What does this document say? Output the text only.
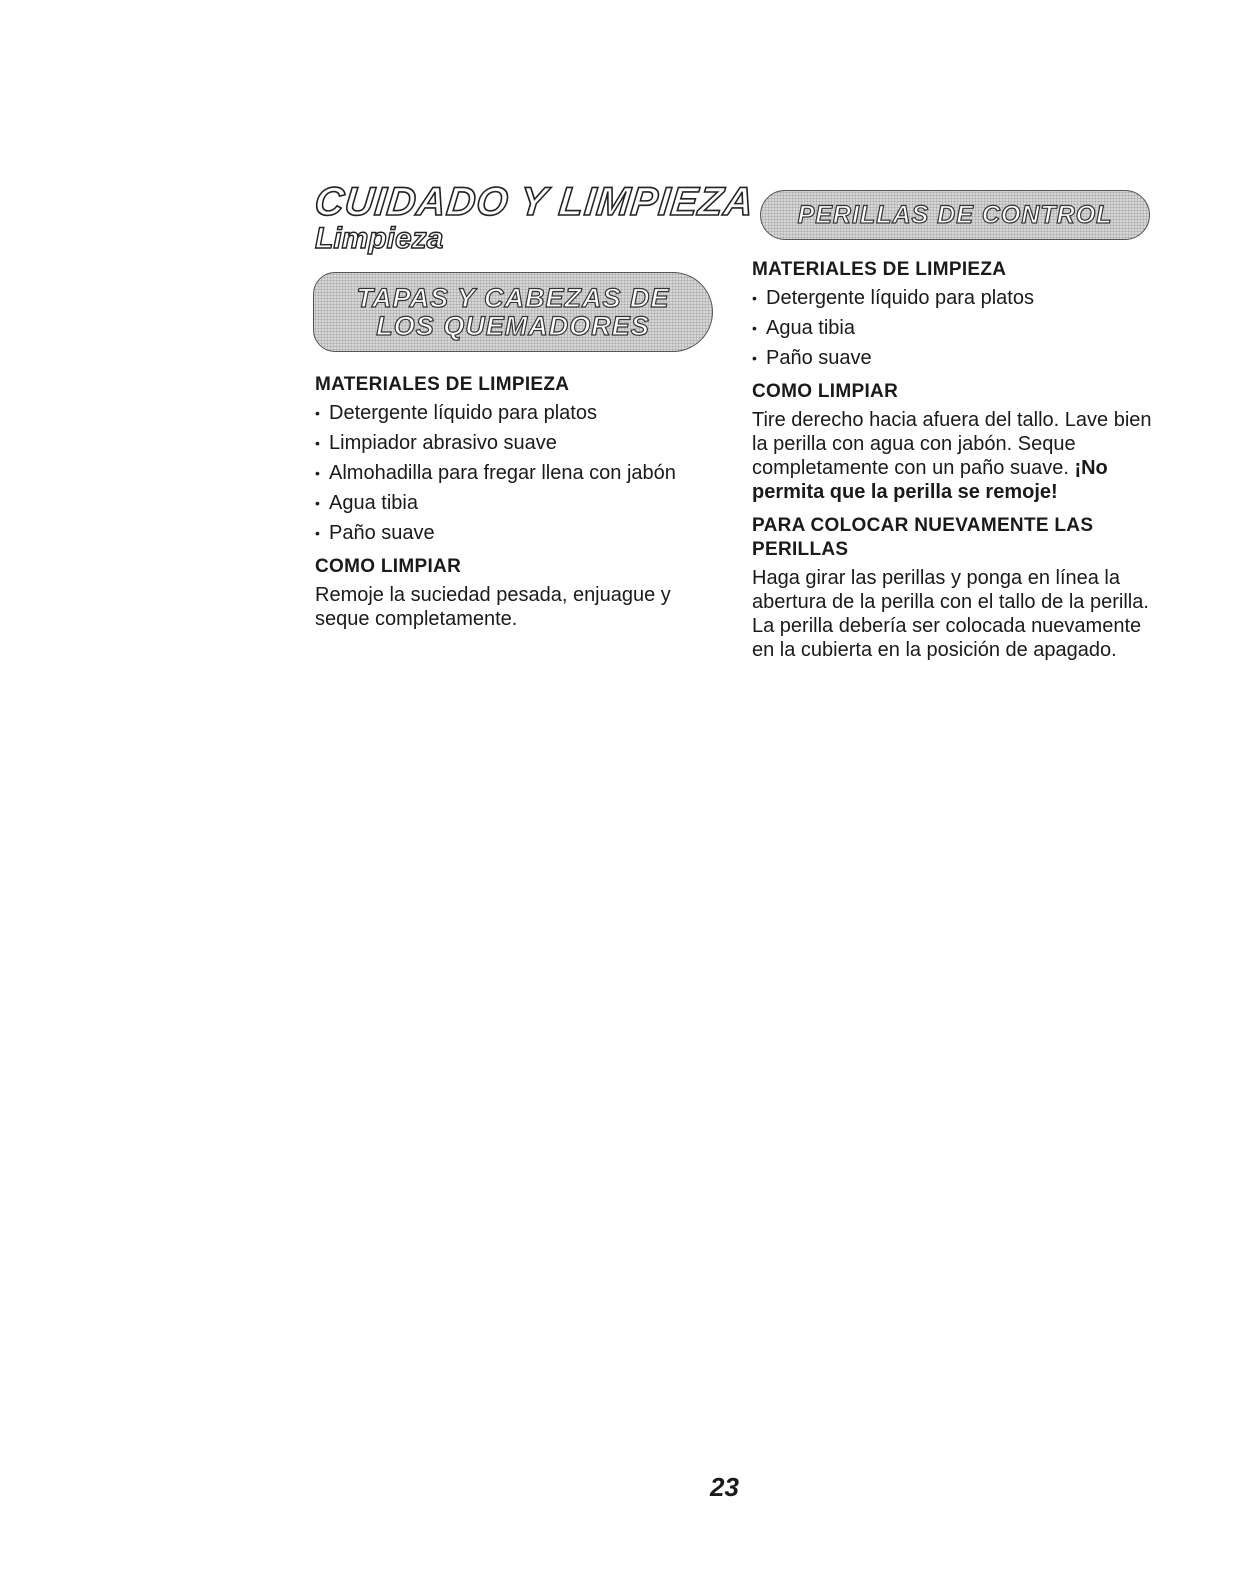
CUIDADO Y LIMPIEZA
Limpieza
TAPAS Y CABEZAS DE LOS QUEMADORES
MATERIALES DE LIMPIEZA
• Detergente líquido para platos
• Limpiador abrasivo suave
• Almohadilla para fregar llena con jabón
• Agua tibia
• Paño suave
COMO LIMPIAR

Remoje la suciedad pesada, enjuague y seque completamente.

PERILLAS DE CONTROL
MATERIALES DE LIMPIEZA
• Detergente líquido para platos
• Agua tibia
• Paño suave
COMO LIMPIAR

Tire derecho hacia afuera del tallo. Lave bien la perilla con agua con jabón. Seque completamente con un paño suave. ¡No permita que la perilla se remoje!

PARA COLOCAR NUEVAMENTE LAS PERILLAS

Haga girar las perillas y ponga en línea la abertura de la perilla con el tallo de la perilla. La perilla debería ser colocada nuevamente en la cubierta en la posición de apagado.

23
